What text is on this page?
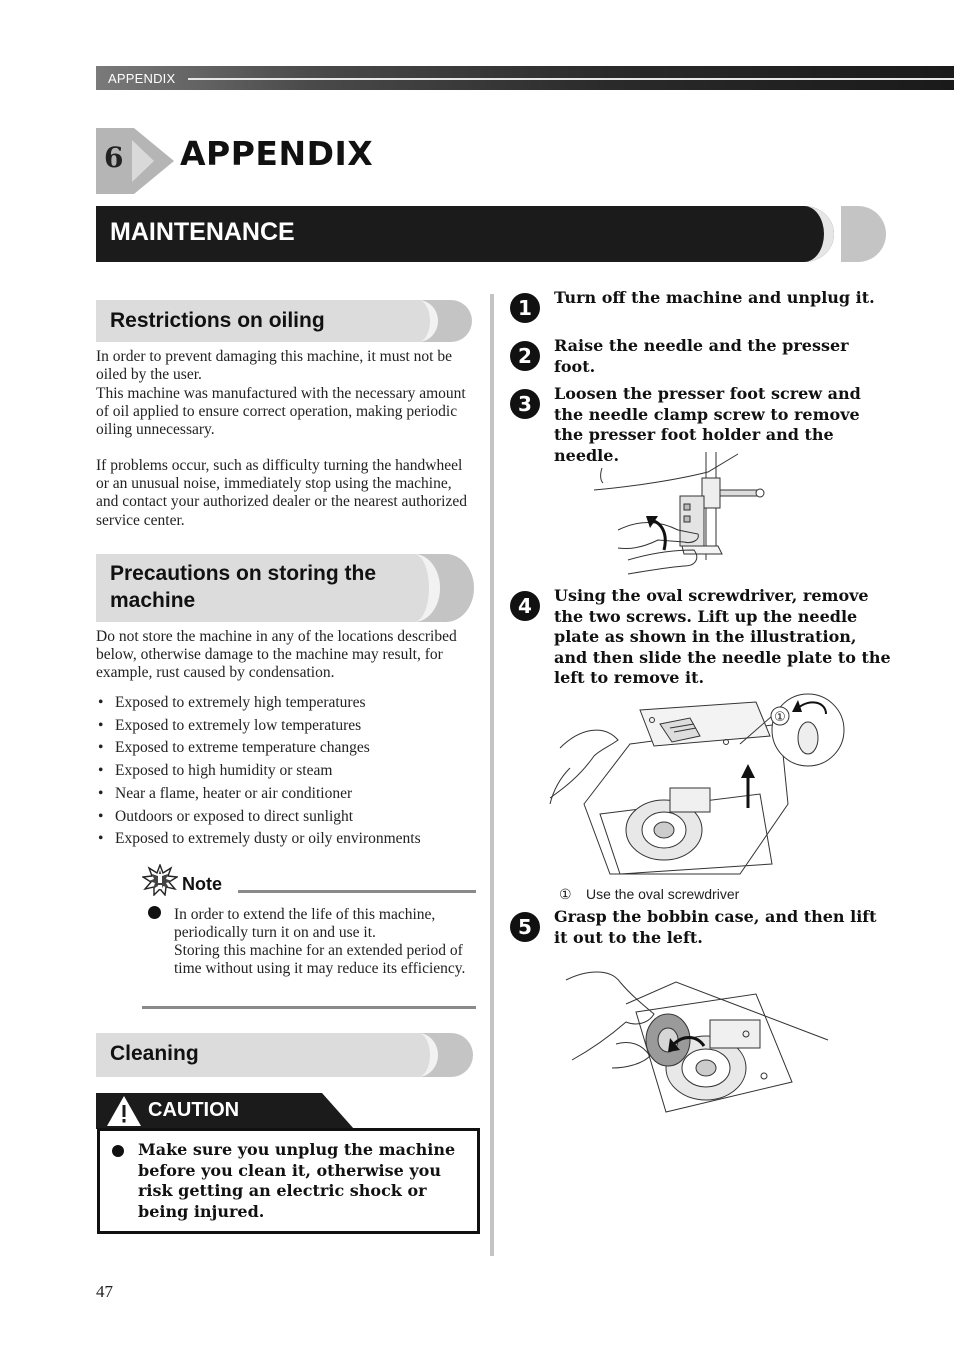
APPENDIX
6 APPENDIX
MAINTENANCE
Restrictions on oiling
In order to prevent damaging this machine, it must not be oiled by the user.
This machine was manufactured with the necessary amount of oil applied to ensure correct operation, making periodic oiling unnecessary.
If problems occur, such as difficulty turning the handwheel or an unusual noise, immediately stop using the machine, and contact your authorized dealer or the nearest authorized service center.
Precautions on storing the machine
Do not store the machine in any of the locations described below, otherwise damage to the machine may result, for example, rust caused by condensation.
• Exposed to extremely high temperatures
• Exposed to extremely low temperatures
• Exposed to extreme temperature changes
• Exposed to high humidity or steam
• Near a flame, heater or air conditioner
• Outdoors or exposed to direct sunlight
• Exposed to extremely dusty or oily environments
Note
In order to extend the life of this machine, periodically turn it on and use it.
Storing this machine for an extended period of time without using it may reduce its efficiency.
Cleaning
CAUTION
Make sure you unplug the machine before you clean it, otherwise you risk getting an electric shock or being injured.
1	Turn off the machine and unplug it.
2	Raise the needle and the presser foot.
3	Loosen the presser foot screw and the needle clamp screw to remove the presser foot holder and the needle.
4	Using the oval screwdriver, remove the two screws. Lift up the needle plate as shown in the illustration, and then slide the needle plate to the left to remove it.
①
① Use the oval screwdriver
5	Grasp the bobbin case, and then lift it out to the left.
47
